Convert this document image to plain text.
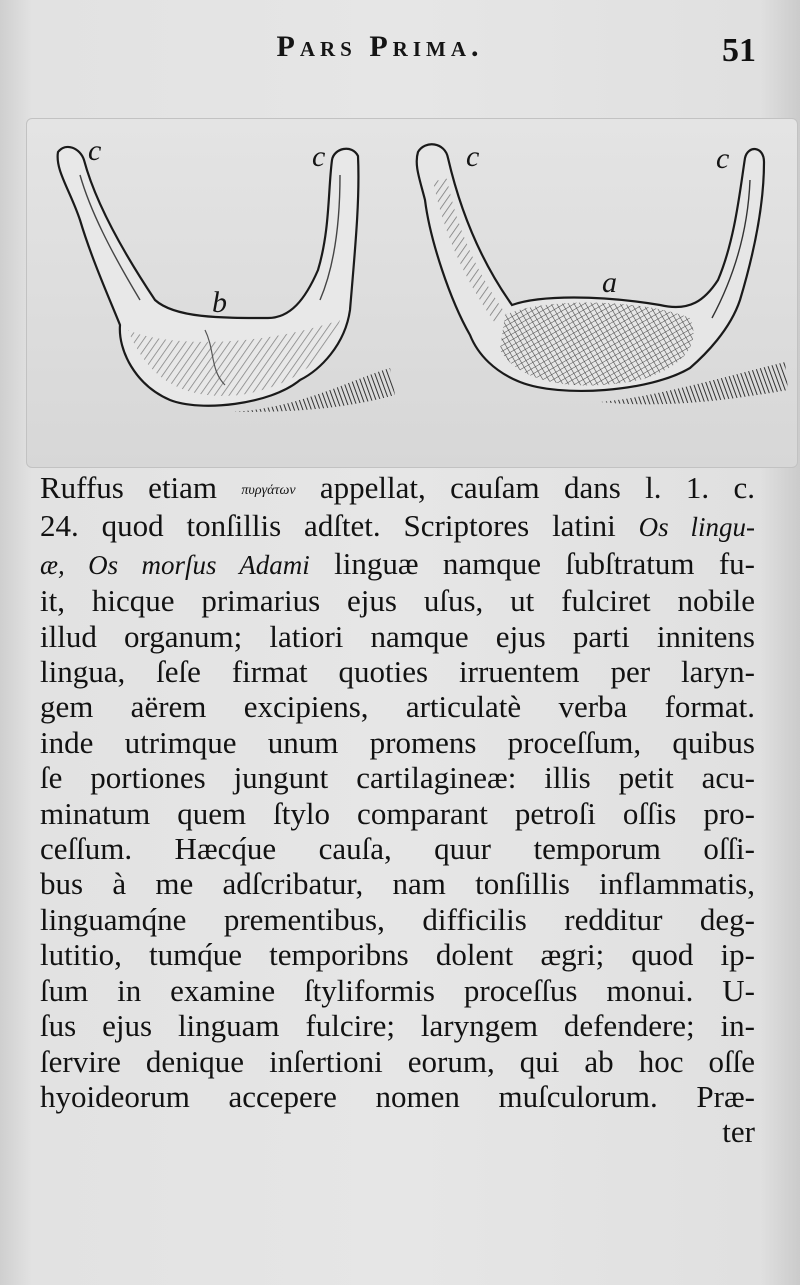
Pars Prima.	51
c	c
b
c	c
a
Ruffus etiam πυργάτων appellat, cauſam dans l. 1. c.
24. quod tonſillis adſtet. Scriptores latini Os lingu-
æ, Os morſus Adami linguæ namque ſubſtratum fu-
it, hicque primarius ejus uſus, ut fulciret nobile
illud organum; latiori namque ejus parti innitens
lingua, ſeſe firmat quoties irruentem per laryn-
gem aërem excipiens, articulatè verba format.
inde utrimque unum promens proceſſum, quibus
ſe portiones jungunt cartilagineæ: illis petit acu-
minatum quem ſtylo comparant petroſi oſſis pro-
ceſſum. Hæcq́ue cauſa, quur temporum oſſi-
bus à me adſcribatur, nam tonſillis inflammatis,
linguamq́ne prementibus, difficilis redditur deg-
lutitio, tumq́ue temporibns dolent ægri; quod ip-
ſum in examine ſtyliformis proceſſus monui. U-
ſus ejus linguam fulcire; laryngem defendere; in-
ſervire denique inſertioni eorum, qui ab hoc oſſe
hyoideorum accepere nomen muſculorum. Præ-
ter
